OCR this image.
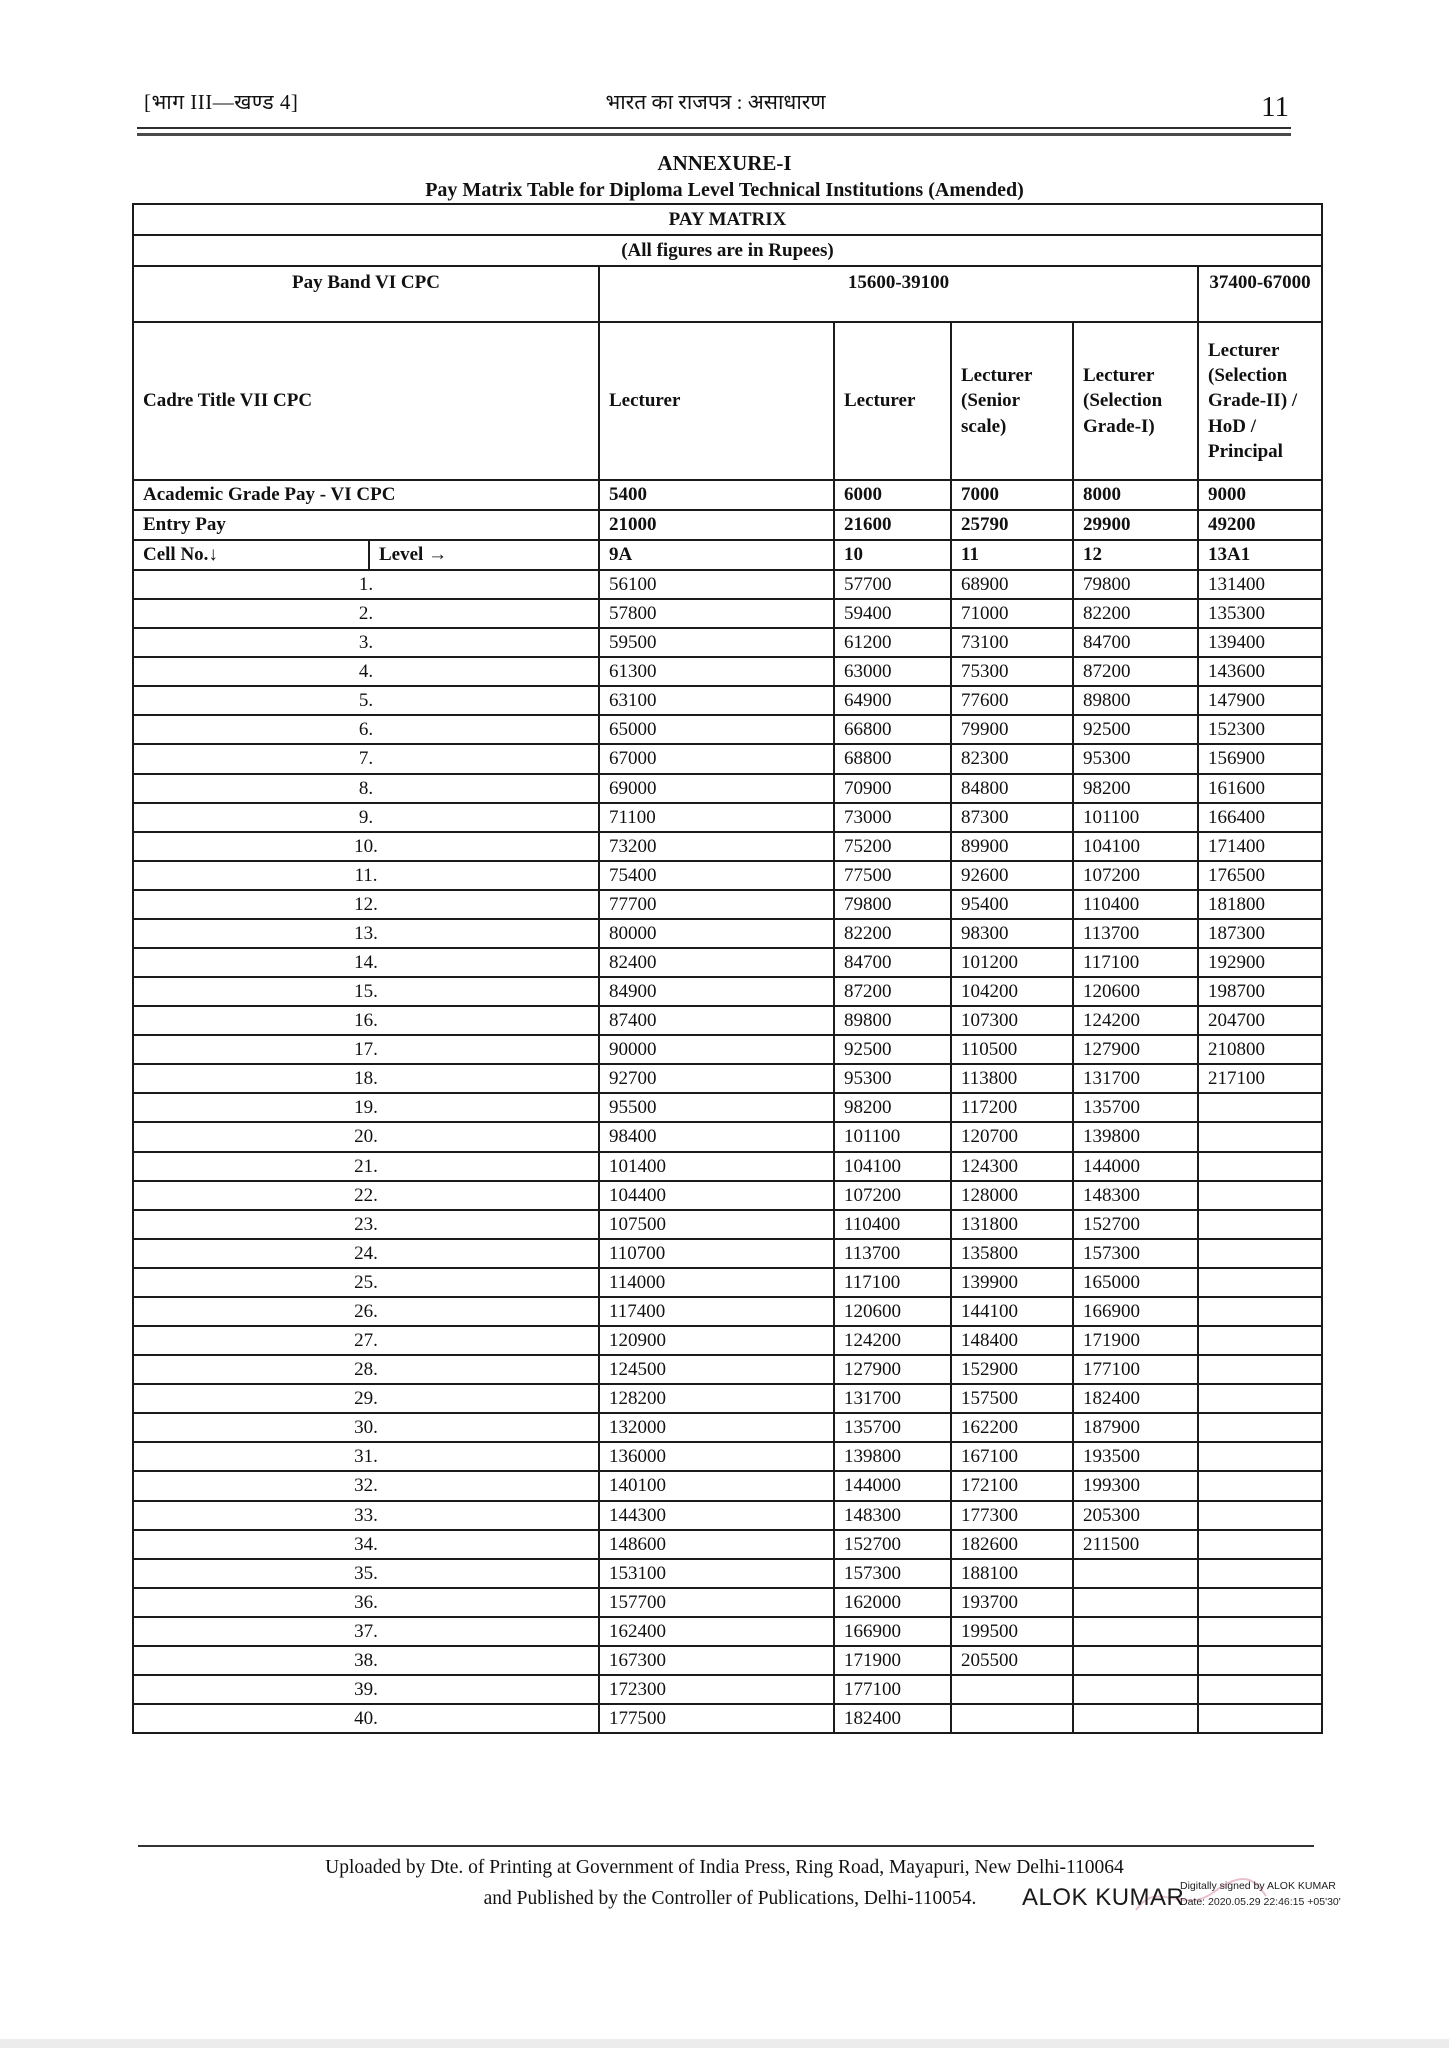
[भाग III—खण्ड 4]	भारत का राजपत्र : असाधारण	11
ANNEXURE-I
Pay Matrix Table for Diploma Level Technical Institutions (Amended)
PAY MATRIX						
(All figures are in Rupees)						
Pay Band VI CPC		15600-39100				37400-67000
Cadre Title VII CPC		Lecturer	Lecturer	Lecturer (Senior scale)	Lecturer (Selection Grade-I)	Lecturer (Selection Grade-II) / HoD / Principal
Academic Grade Pay - VI CPC		5400	6000	7000	8000	9000
Entry Pay		21000	21600	25790	29900	49200
Cell No.↓	Level →	9A	10	11	12	13A1
1.		56100	57700	68900	79800	131400
2.		57800	59400	71000	82200	135300
3.		59500	61200	73100	84700	139400
4.		61300	63000	75300	87200	143600
5.		63100	64900	77600	89800	147900
6.		65000	66800	79900	92500	152300
7.		67000	68800	82300	95300	156900
8.		69000	70900	84800	98200	161600
9.		71100	73000	87300	101100	166400
10.		73200	75200	89900	104100	171400
11.		75400	77500	92600	107200	176500
12.		77700	79800	95400	110400	181800
13.		80000	82200	98300	113700	187300
14.		82400	84700	101200	117100	192900
15.		84900	87200	104200	120600	198700
16.		87400	89800	107300	124200	204700
17.		90000	92500	110500	127900	210800
18.		92700	95300	113800	131700	217100
19.		95500	98200	117200	135700	
20.		98400	101100	120700	139800	
21.		101400	104100	124300	144000	
22.		104400	107200	128000	148300	
23.		107500	110400	131800	152700	
24.		110700	113700	135800	157300	
25.		114000	117100	139900	165000	
26.		117400	120600	144100	166900	
27.		120900	124200	148400	171900	
28.		124500	127900	152900	177100	
29.		128200	131700	157500	182400	
30.		132000	135700	162200	187900	
31.		136000	139800	167100	193500	
32.		140100	144000	172100	199300	
33.		144300	148300	177300	205300	
34.		148600	152700	182600	211500	
35.		153100	157300	188100		
36.		157700	162000	193700		
37.		162400	166900	199500		
38.		167300	171900	205500		
39.		172300	177100			
40.		177500	182400			
Uploaded by Dte. of Printing at Government of India Press, Ring Road, Mayapuri, New Delhi-110064
and Published by the Controller of Publications, Delhi-110054.	ALOK KUMAR
Digitally signed by ALOK KUMAR
Date: 2020.05.29 22:46:15 +05'30'
